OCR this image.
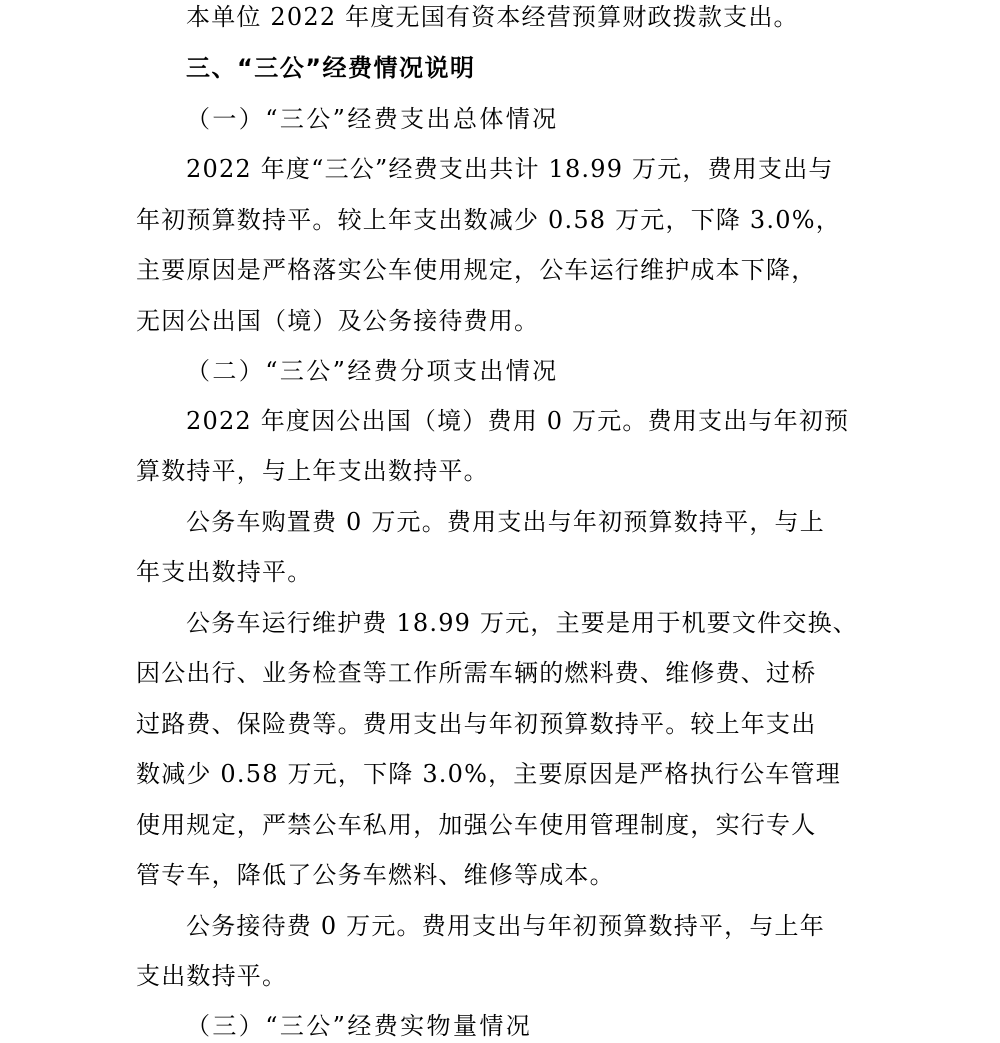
本单位 2022 年度无国有资本经营预算财政拨款支出。

三、“三公”经费情况说明

（一）“三公”经费支出总体情况

2022 年度“三公”经费支出共计 18.99 万元，费用支出与

年初预算数持平。较上年支出数减少 0.58 万元，下降 3.0%，

主要原因是严格落实公车使用规定，公车运行维护成本下降，

无因公出国（境）及公务接待费用。

（二）“三公”经费分项支出情况

2022 年度因公出国（境）费用 0 万元。费用支出与年初预

算数持平，与上年支出数持平。

公务车购置费 0 万元。费用支出与年初预算数持平，与上

年支出数持平。

公务车运行维护费 18.99 万元，主要是用于机要文件交换、

因公出行、业务检查等工作所需车辆的燃料费、维修费、过桥

过路费、保险费等。费用支出与年初预算数持平。较上年支出

数减少 0.58 万元，下降 3.0%，主要原因是严格执行公车管理

使用规定，严禁公车私用，加强公车使用管理制度，实行专人

管专车，降低了公务车燃料、维修等成本。

公务接待费 0 万元。费用支出与年初预算数持平，与上年

支出数持平。

（三）“三公”经费实物量情况
